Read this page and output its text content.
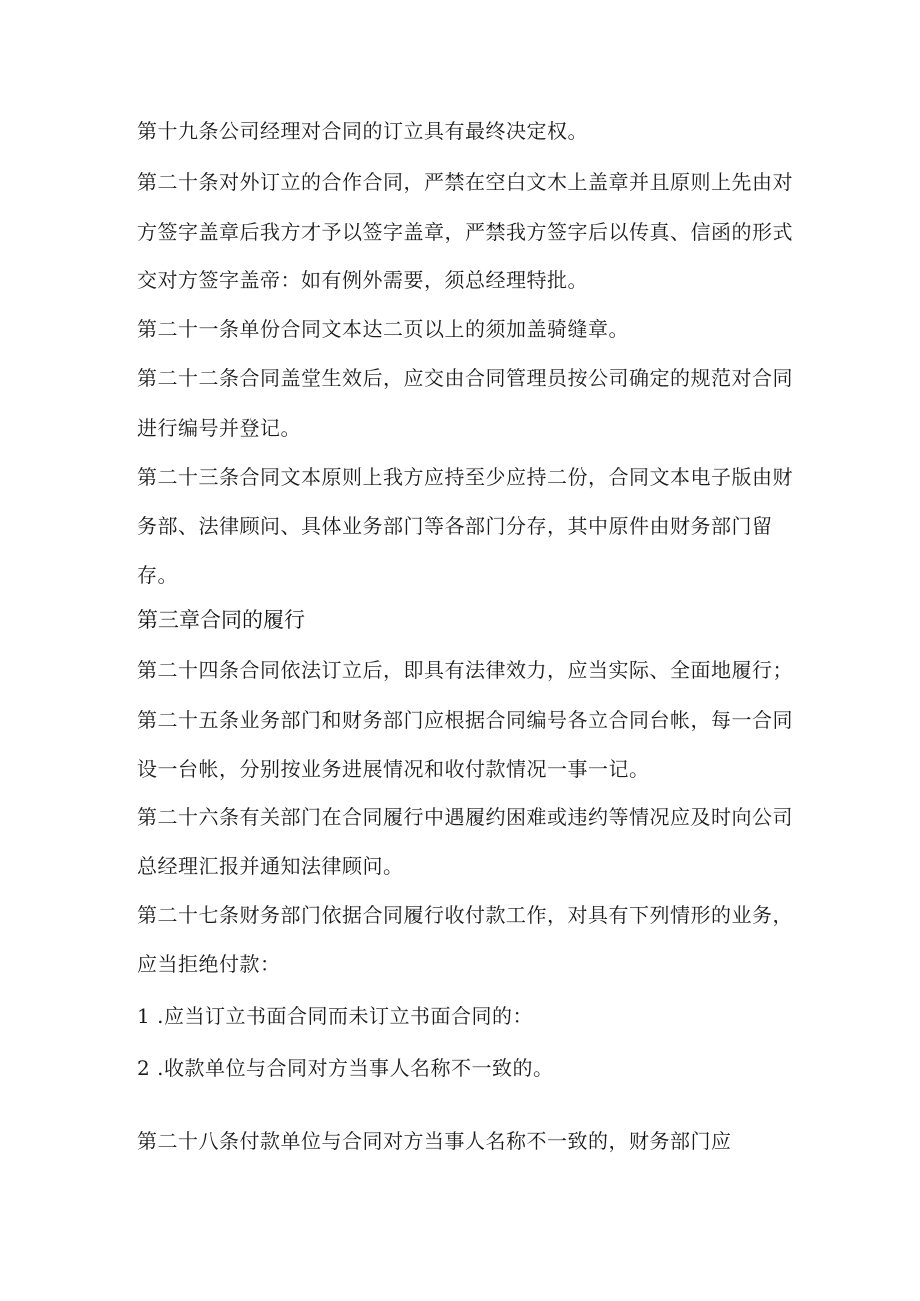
第十九条公司经理对合同的订立具有最终决定权。
第二十条对外订立的合作合同，严禁在空白文木上盖章并且原则上先由对
方签字盖章后我方才予以签字盖章，严禁我方签字后以传真、信函的形式
交对方签字盖帝：如有例外需要，须总经理特批。
第二十一条单份合同文本达二页以上的须加盖骑缝章。
第二十二条合同盖堂生效后，应交由合同管理员按公司确定的规范对合同
进行编号并登记。
第二十三条合同文本原则上我方应持至少应持二份，合同文本电子版由财
务部、法律顾问、具体业务部门等各部门分存，其中原件由财务部门留
存。
第三章合同的履行
第二十四条合同依法订立后，即具有法律效力，应当实际、全面地履行；
第二十五条业务部门和财务部门应根据合同编号各立合同台帐，每一合同
设一台帐，分别按业务进展情况和收付款情况一事一记。
第二十六条有关部门在合同履行中遇履约困难或违约等情况应及时向公司
总经理汇报并通知法律顾问。
第二十七条财务部门依据合同履行收付款工作，对具有下列情形的业务，
应当拒绝付款：
1 .应当订立书面合同而未订立书面合同的：
2 .收款单位与合同对方当事人名称不一致的。
第二十八条付款单位与合同对方当事人名称不一致的，财务部门应
